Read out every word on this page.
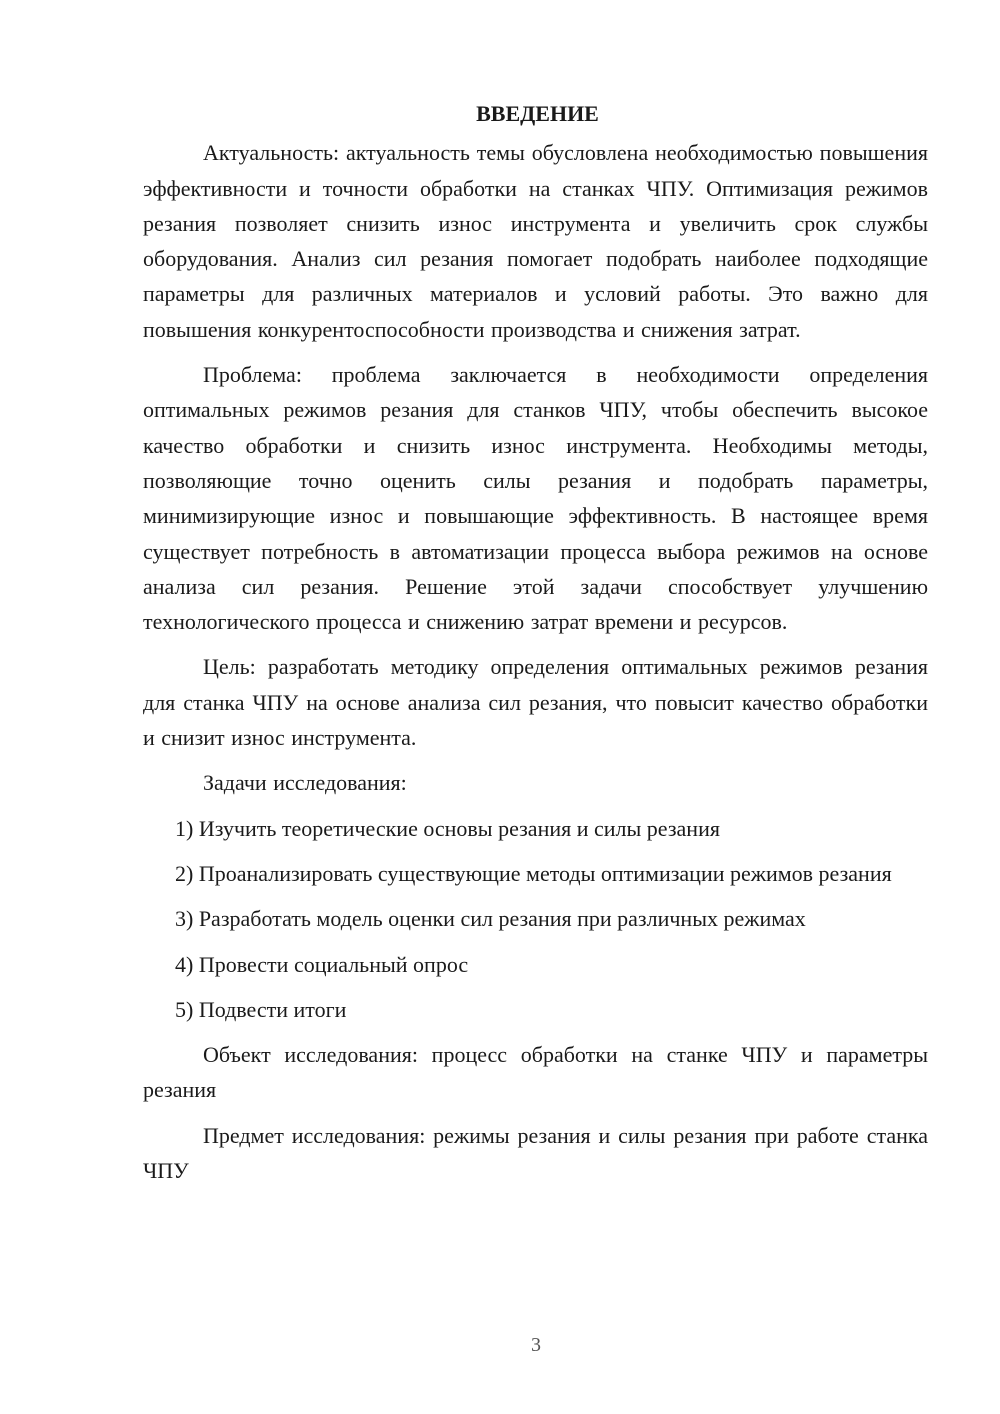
ВВЕДЕНИЕ

Актуальность: актуальность темы обусловлена необходимостью повышения эффективности и точности обработки на станках ЧПУ. Оптимизация режимов резания позволяет снизить износ инструмента и увеличить срок службы оборудования. Анализ сил резания помогает подобрать наиболее подходящие параметры для различных материалов и условий работы. Это важно для повышения конкурентоспособности производства и снижения затрат.

Проблема: проблема заключается в необходимости определения оптимальных режимов резания для станков ЧПУ, чтобы обеспечить высокое качество обработки и снизить износ инструмента. Необходимы методы, позволяющие точно оценить силы резания и подобрать параметры, минимизирующие износ и повышающие эффективность. В настоящее время существует потребность в автоматизации процесса выбора режимов на основе анализа сил резания. Решение этой задачи способствует улучшению технологического процесса и снижению затрат времени и ресурсов.

Цель: разработать методику определения оптимальных режимов резания для станка ЧПУ на основе анализа сил резания, что повысит качество обработки и снизит износ инструмента.

Задачи исследования:

1) Изучить теоретические основы резания и силы резания

2) Проанализировать существующие методы оптимизации режимов резания

3) Разработать модель оценки сил резания при различных режимах

4) Провести социальный опрос

5) Подвести итоги

Объект исследования: процесс обработки на станке ЧПУ и параметры резания

Предмет исследования: режимы резания и силы резания при работе станка ЧПУ

3
